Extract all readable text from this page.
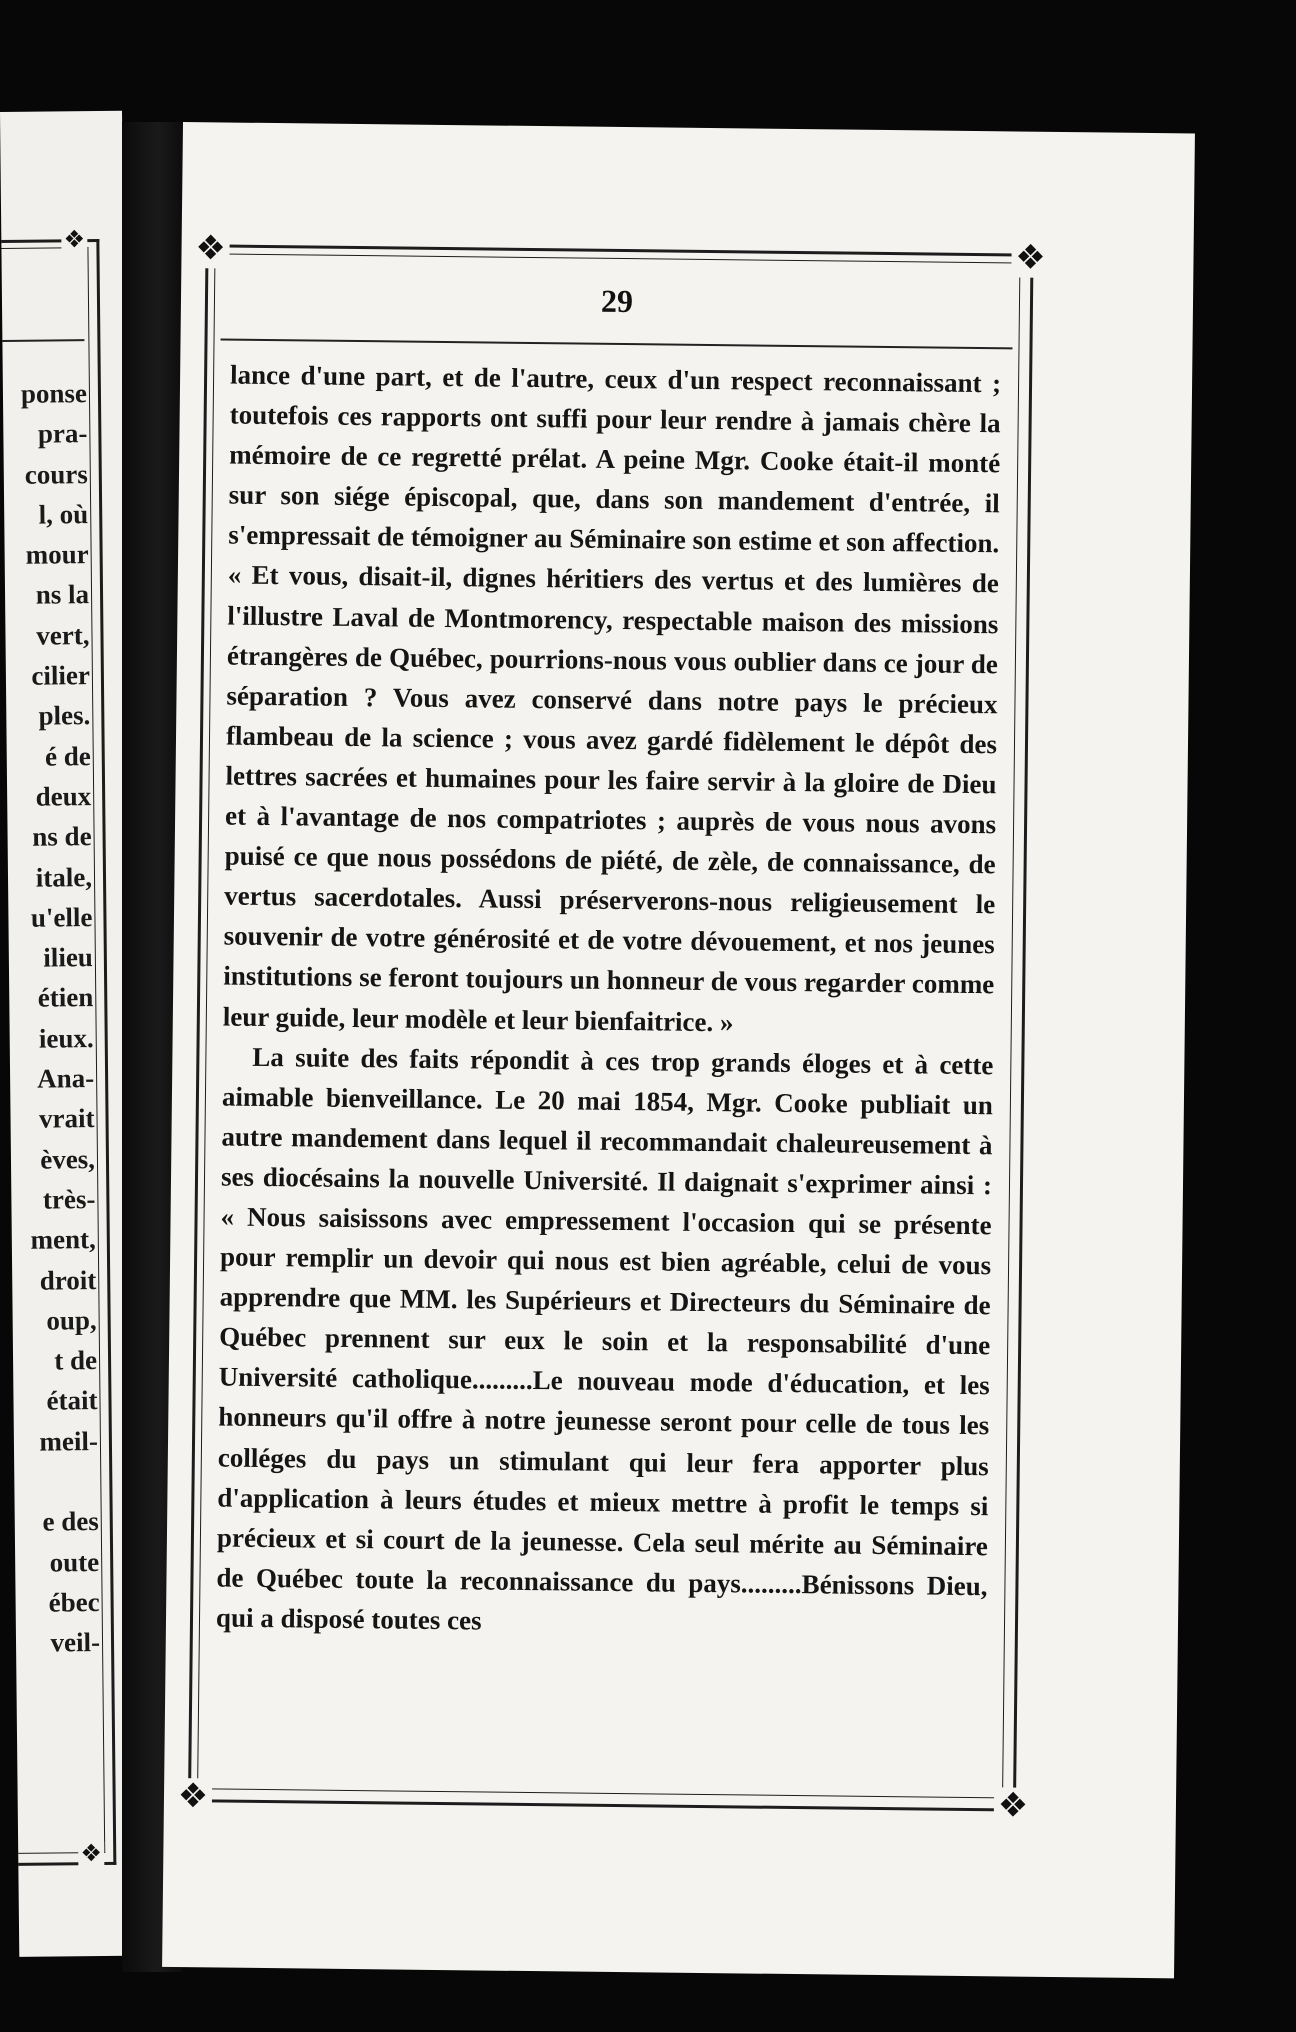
❖
❖
ponse
pra-
cours
l, où
mour
ns la
vert,
cilier
ples.
é de
deux
ns de
itale,
u'elle
ilieu
étien
ieux.
Ana-
vrait
èves,
très-
ment,
droit
oup,
t de
était
meil-

e des
oute
ébec
veil-
❖	❖
❖	❖
29

lance d'une part, et de l'autre, ceux d'un respect reconnaissant ; toutefois ces rapports ont suffi pour leur rendre à jamais chère la mémoire de ce regretté prélat. A peine Mgr. Cooke était-il monté sur son siége épiscopal, que, dans son mandement d'entrée, il s'empressait de témoigner au Séminaire son estime et son affection. « Et vous, disait-il, dignes héritiers des vertus et des lumières de l'illustre Laval de Montmorency, respectable maison des missions étrangères de Québec, pourrions-nous vous oublier dans ce jour de séparation ? Vous avez conservé dans notre pays le précieux flambeau de la science ; vous avez gardé fidèlement le dépôt des lettres sacrées et humaines pour les faire servir à la gloire de Dieu et à l'avantage de nos compatriotes ; auprès de vous nous avons puisé ce que nous possédons de piété, de zèle, de connaissance, de vertus sacerdotales. Aussi préserverons-nous religieusement le souvenir de votre générosité et de votre dévouement, et nos jeunes institutions se feront toujours un honneur de vous regarder comme leur guide, leur modèle et leur bienfaitrice. »

La suite des faits répondit à ces trop grands éloges et à cette aimable bienveillance. Le 20 mai 1854, Mgr. Cooke publiait un autre mandement dans lequel il recommandait chaleureusement à ses diocésains la nouvelle Université. Il daignait s'exprimer ainsi : « Nous saisissons avec empressement l'occasion qui se présente pour remplir un devoir qui nous est bien agréable, celui de vous apprendre que MM. les Supérieurs et Directeurs du Séminaire de Québec prennent sur eux le soin et la responsabilité d'une Université catholique.........Le nouveau mode d'éducation, et les honneurs qu'il offre à notre jeunesse seront pour celle de tous les colléges du pays un stimulant qui leur fera apporter plus d'application à leurs études et mieux mettre à profit le temps si précieux et si court de la jeunesse. Cela seul mérite au Séminaire de Québec toute la reconnaissance du pays.........Bénissons Dieu, qui a disposé toutes ces
